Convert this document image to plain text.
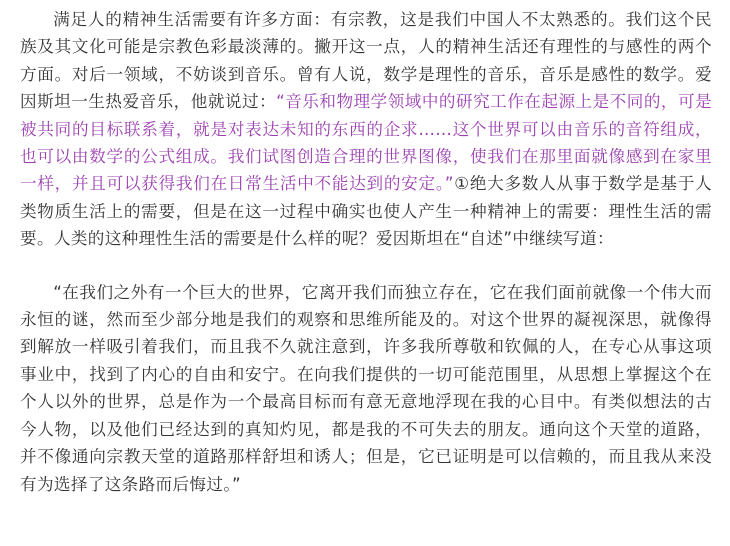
满足人的精神生活需要有许多方面：有宗教，这是我们中国人不太熟悉的。我们这个民族及其文化可能是宗教色彩最淡薄的。撇开这一点，人的精神生活还有理性的与感性的两个方面。对后一领域，不妨谈到音乐。曾有人说，数学是理性的音乐，音乐是感性的数学。爱因斯坦一生热爱音乐，他就说过：“音乐和物理学领域中的研究工作在起源上是不同的，可是被共同的目标联系着，就是对表达未知的东西的企求……这个世界可以由音乐的音符组成，也可以由数学的公式组成。我们试图创造合理的世界图像，使我们在那里面就像感到在家里一样，并且可以获得我们在日常生活中不能达到的安定。”①绝大多数人从事于数学是基于人类物质生活上的需要，但是在这一过程中确实也使人产生一种精神上的需要：理性生活的需要。人类的这种理性生活的需要是什么样的呢？爱因斯坦在“自述”中继续写道：

“在我们之外有一个巨大的世界，它离开我们而独立存在，它在我们面前就像一个伟大而永恒的谜，然而至少部分地是我们的观察和思维所能及的。对这个世界的凝视深思，就像得到解放一样吸引着我们，而且我不久就注意到，许多我所尊敬和钦佩的人，在专心从事这项事业中，找到了内心的自由和安宁。在向我们提供的一切可能范围里，从思想上掌握这个在个人以外的世界，总是作为一个最高目标而有意无意地浮现在我的心目中。有类似想法的古今人物，以及他们已经达到的真知灼见，都是我的不可失去的朋友。通向这个天堂的道路，并不像通向宗教天堂的道路那样舒坦和诱人；但是，它已证明是可以信赖的，而且我从来没有为选择了这条路而后悔过。”
